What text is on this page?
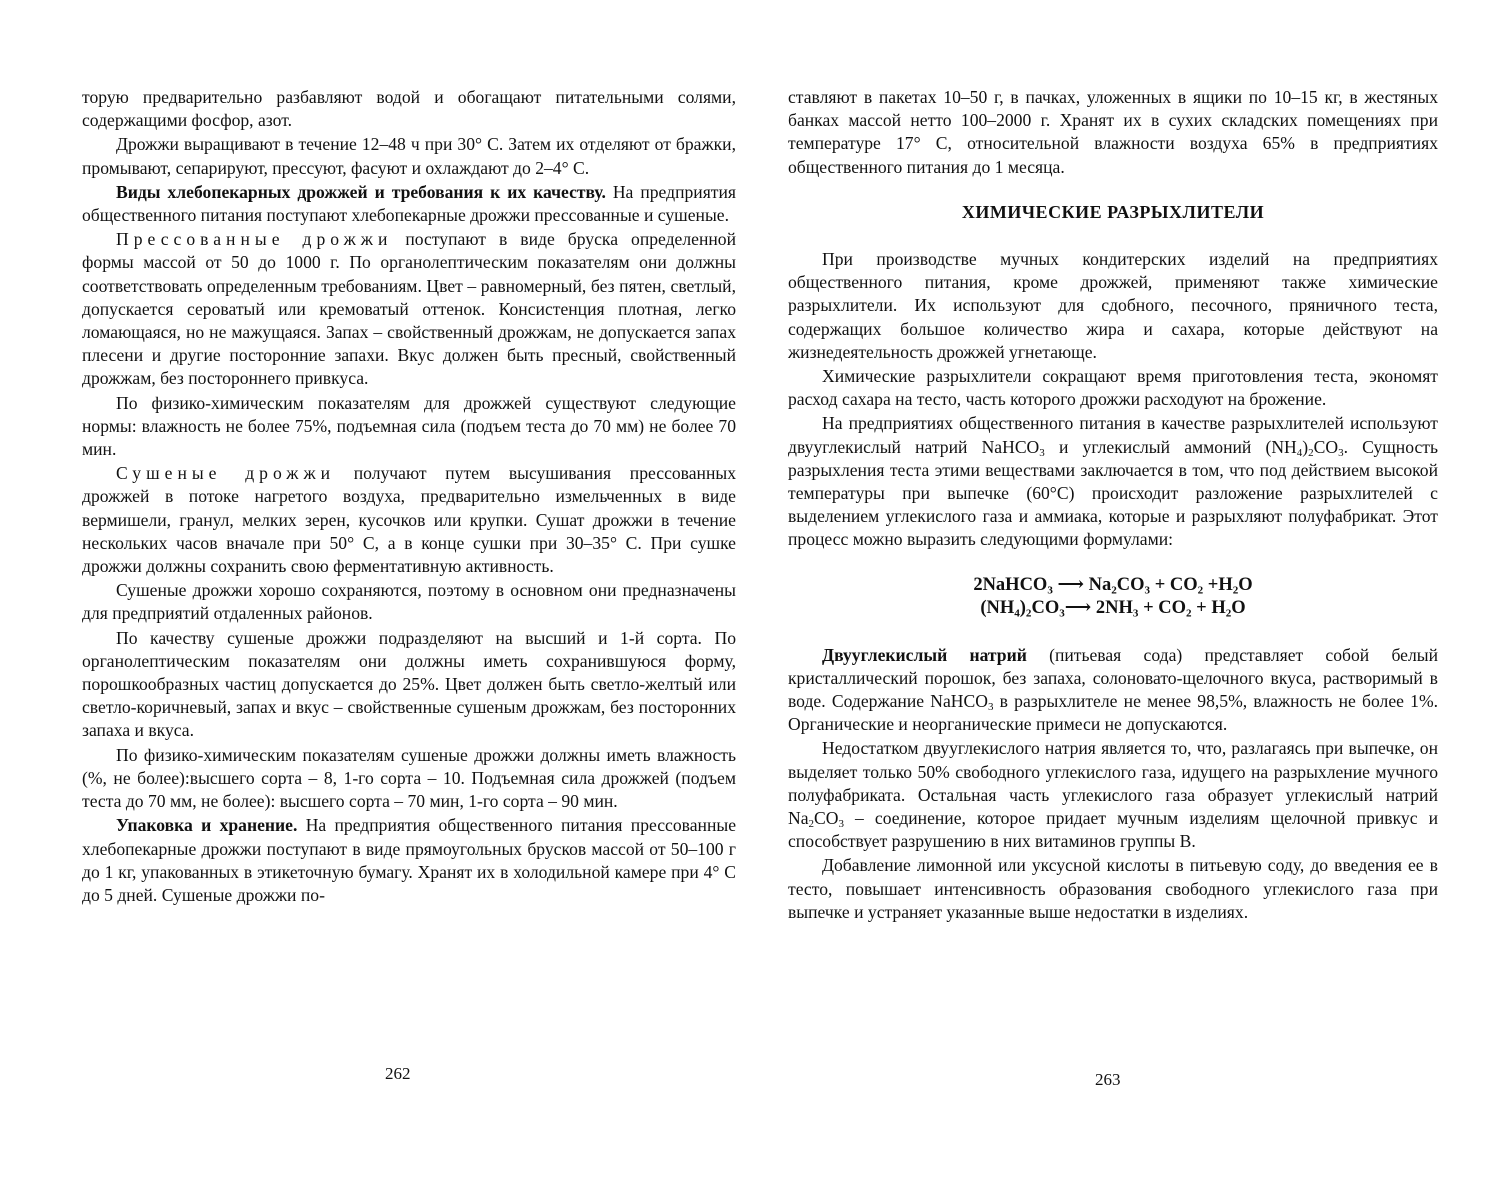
торую предварительно разбавляют водой и обогащают питательными солями, содержащими фосфор, азот.

Дрожжи выращивают в течение 12–48 ч при 30° С. Затем их отделяют от бражки, промывают, сепарируют, прессуют, фасуют и охлаждают до 2–4° С.

Виды хлебопекарных дрожжей и требования к их качеству. На предприятия общественного питания поступают хлебопекарные дрожжи прессованные и сушеные.

Прессованные дрожжи поступают в виде бруска определенной формы массой от 50 до 1000 г. По органолептическим показателям они должны соответствовать определенным требованиям. Цвет – равномерный, без пятен, светлый, допускается сероватый или кремоватый оттенок. Консистенция плотная, легко ломающаяся, но не мажущаяся. Запах – свойственный дрожжам, не допускается запах плесени и другие посторонние запахи. Вкус должен быть пресный, свойственный дрожжам, без постороннего привкуса.

По физико-химическим показателям для дрожжей существуют следующие нормы: влажность не более 75%, подъемная сила (подъем теста до 70 мм) не более 70 мин.

Сушеные дрожжи получают путем высушивания прессованных дрожжей в потоке нагретого воздуха, предварительно измельченных в виде вермишели, гранул, мелких зерен, кусочков или крупки. Сушат дрожжи в течение нескольких часов вначале при 50° С, а в конце сушки при 30–35° С. При сушке дрожжи должны сохранить свою ферментативную активность.

Сушеные дрожжи хорошо сохраняются, поэтому в основном они предназначены для предприятий отдаленных районов.

По качеству сушеные дрожжи подразделяют на высший и 1-й сорта. По органолептическим показателям они должны иметь сохранившуюся форму, порошкообразных частиц допускается до 25%. Цвет должен быть светло-желтый или светло-коричневый, запах и вкус – свойственные сушеным дрожжам, без посторонних запаха и вкуса.

По физико-химическим показателям сушеные дрожжи должны иметь влажность (%, не более):высшего сорта – 8, 1-го сорта – 10. Подъемная сила дрожжей (подъем теста до 70 мм, не более): высшего сорта – 70 мин, 1-го сорта – 90 мин.

Упаковка и хранение. На предприятия общественного питания прессованные хлебопекарные дрожжи поступают в виде прямоугольных брусков массой от 50–100 г до 1 кг, упакованных в этикеточную бумагу. Хранят их в холодильной камере при 4° С до 5 дней. Сушеные дрожжи по-

262

ставляют в пакетах 10–50 г, в пачках, уложенных в ящики по 10–15 кг, в жестяных банках массой нетто 100–2000 г. Хранят их в сухих складских помещениях при температуре 17° С, относительной влажности воздуха 65% в предприятиях общественного питания до 1 месяца.

ХИМИЧЕСКИЕ РАЗРЫХЛИТЕЛИ

При производстве мучных кондитерских изделий на предприятиях общественного питания, кроме дрожжей, применяют также химические разрыхлители. Их используют для сдобного, песочного, пряничного теста, содержащих большое количество жира и сахара, которые действуют на жизнедеятельность дрожжей угнетающе.

Химические разрыхлители сокращают время приготовления теста, экономят расход сахара на тесто, часть которого дрожжи расходуют на брожение.

На предприятиях общественного питания в качестве разрыхлителей используют двууглекислый натрий NaHCO$_3$ и углекислый аммоний $(NH_4)_2CO_3$. Сущность разрыхления теста этими веществами заключается в том, что под действием высокой температуры при выпечке (60°С) происходит разложение разрыхлителей с выделением углекислого газа и аммиака, которые и разрыхляют полуфабрикат. Этот процесс можно выразить следующими формулами:

2NaHCO₃ ⟶ Na₂CO₃ + CO₂ +H₂O
(NH₄)₂CO₃⟶ 2NH₃ + CO₂ + H₂O

Двууглекислый натрий (питьевая сода) представляет собой белый кристаллический порошок, без запаха, солоновато-щелочного вкуса, растворимый в воде. Содержание NaHCO$_3$ в разрыхлителе не менее 98,5%, влажность не более 1%. Органические и неорганические примеси не допускаются.

Недостатком двууглекислого натрия является то, что, разлагаясь при выпечке, он выделяет только 50% свободного углекислого газа, идущего на разрыхление мучного полуфабриката. Остальная часть углекислого газа образует углекислый натрий $Na_2CO_3$ – соединение, которое придает мучным изделиям щелочной привкус и способствует разрушению в них витаминов группы В.

Добавление лимонной или уксусной кислоты в питьевую соду, до введения ее в тесто, повышает интенсивность образования свободного углекислого газа при выпечке и устраняет указанные выше недостатки в изделиях.

263
